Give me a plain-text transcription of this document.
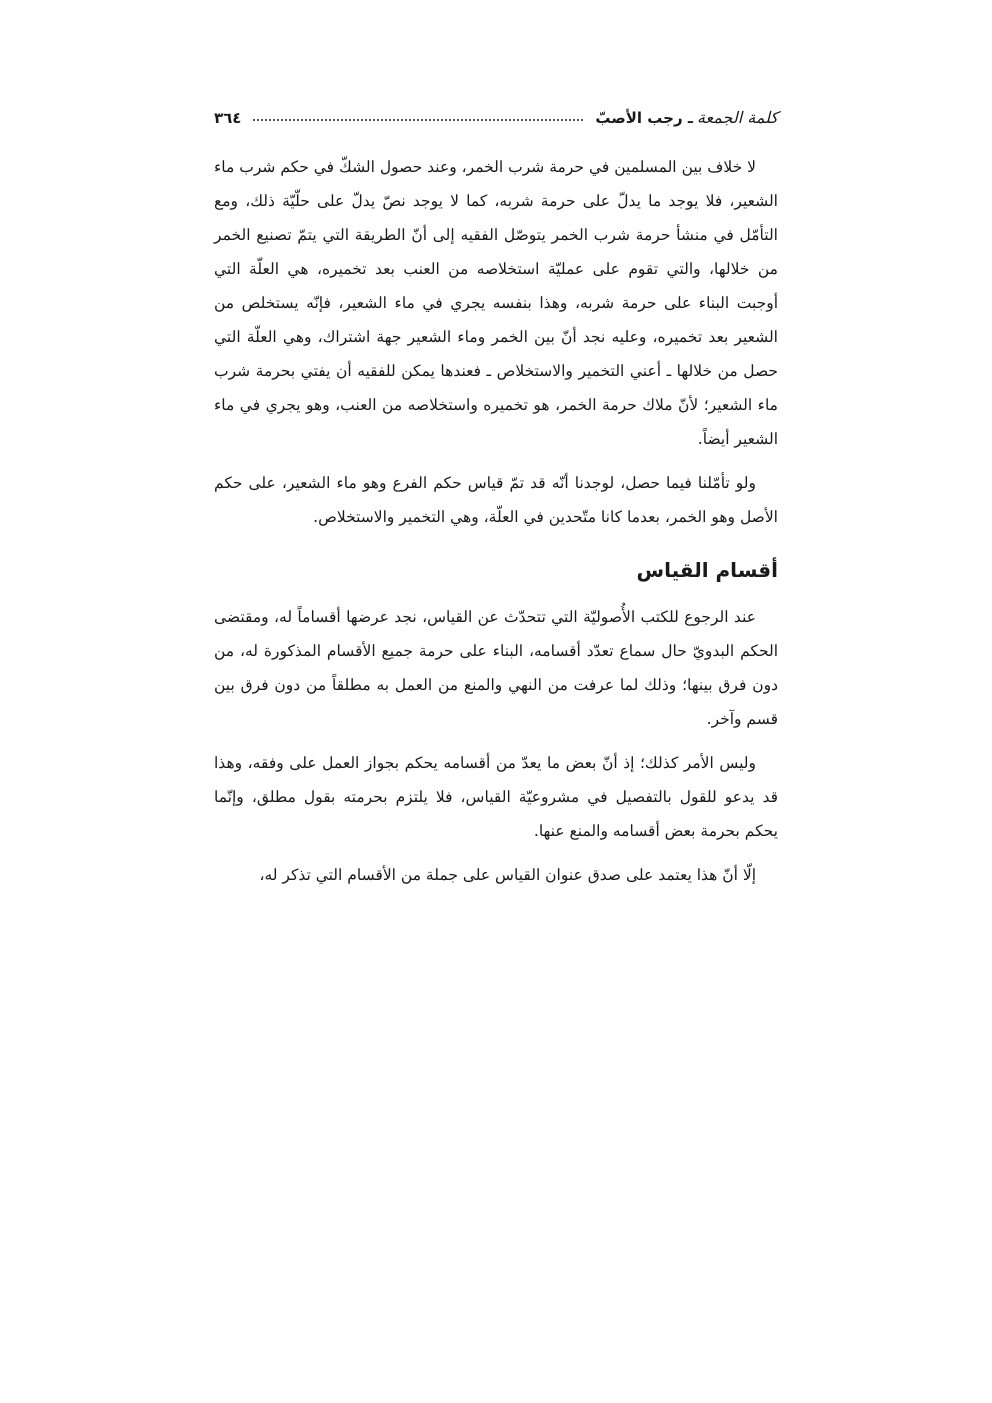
كلمة الجمعة
ـ رجب الأصبّ
٣٦٤

لا خلاف بين المسلمين في حرمة شرب الخمر، وعند حصول الشكّ في حكم شرب ماء الشعير، فلا يوجد ما يدلّ على حرمة شربه، كما لا يوجد نصّ يدلّ على حلّيّة ذلك، ومع التأمّل في منشأ حرمة شرب الخمر يتوصّل الفقيه إلى أنّ الطريقة التي يتمّ تصنيع الخمر من خلالها، والتي تقوم على عمليّة استخلاصه من العنب بعد تخميره، هي العلّة التي أوجبت البناء على حرمة شربه، وهذا بنفسه يجري في ماء الشعير، فإنّه يستخلص من الشعير بعد تخميره، وعليه نجد أنّ بين الخمر وماء الشعير جهة اشتراك، وهي العلّة التي حصل من خلالها ـ أعني التخمير والاستخلاص ـ فعندها يمكن للفقيه أن يفتي بحرمة شرب ماء الشعير؛ لأنّ ملاك حرمة الخمر، هو تخميره واستخلاصه من العنب، وهو يجري في ماء الشعير أيضاً.

ولو تأمّلنا فيما حصل، لوجدنا أنّه قد تمّ قياس حكم الفرع وهو ماء الشعير، على حكم الأصل وهو الخمر، بعدما كانا متّحدين في العلّة، وهي التخمير والاستخلاص.

أقسام القياس

عند الرجوع للكتب الأُصوليّة التي تتحدّث عن القياس، نجد عرضها أقساماً له، ومقتضى الحكم البدويّ حال سماع تعدّد أقسامه، البناء على حرمة جميع الأقسام المذكورة له، من دون فرق بينها؛ وذلك لما عرفت من النهي والمنع من العمل به مطلقاً من دون فرق بين قسم وآخر.

وليس الأمر كذلك؛ إذ أنّ بعض ما يعدّ من أقسامه يحكم بجواز العمل على وفقه، وهذا قد يدعو للقول بالتفصيل في مشروعيّة القياس، فلا يلتزم بحرمته بقول مطلق، وإنّما يحكم بحرمة بعض أقسامه والمنع عنها.

إلّا أنّ هذا يعتمد على صدق عنوان القياس على جملة من الأقسام التي تذكر له،
